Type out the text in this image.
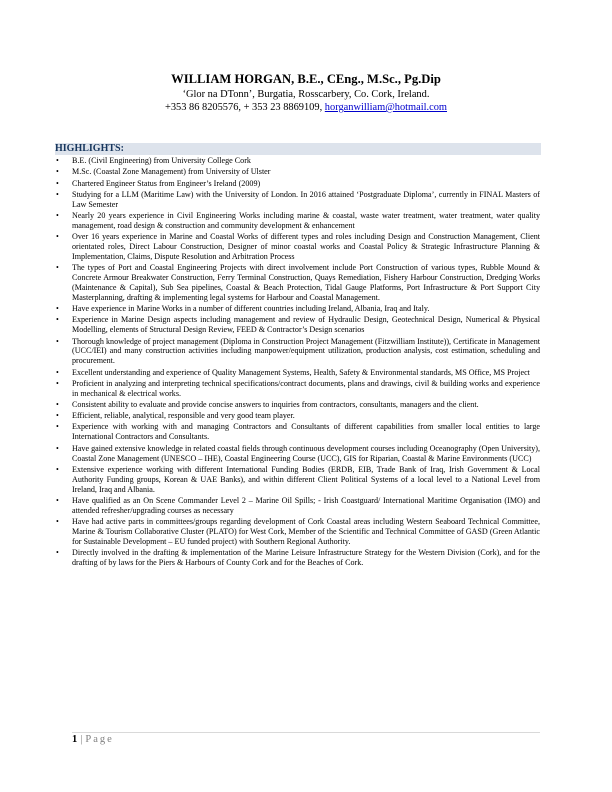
WILLIAM HORGAN, B.E., CEng., M.Sc., Pg.Dip
‘Glor na DTonn’, Burgatia, Rosscarbery, Co. Cork, Ireland.
+353 86 8205576, + 353 23 8869109, horganwilliam@hotmail.com
HIGHLIGHTS:
• B.E. (Civil Engineering) from University College Cork
• M.Sc. (Coastal Zone Management) from University of Ulster
• Chartered Engineer Status from Engineer’s Ireland (2009)
• Studying for a LLM (Maritime Law) with the University of London. In 2016 attained ‘Postgraduate Diploma’, currently in FINAL Masters of Law Semester
• Nearly 20 years experience in Civil Engineering Works including marine & coastal, waste water treatment, water treatment, water quality management, road design & construction and community development & enhancement
• Over 16 years experience in Marine and Coastal Works of different types and roles including Design and Construction Management, Client orientated roles, Direct Labour Construction, Designer of minor coastal works and Coastal Policy & Strategic Infrastructure Planning & Implementation, Claims, Dispute Resolution and Arbitration Process
• The types of Port and Coastal Engineering Projects with direct involvement include Port Construction of various types, Rubble Mound & Concrete Armour Breakwater Construction, Ferry Terminal Construction, Quays Remediation, Fishery Harbour Construction, Dredging Works (Maintenance & Capital), Sub Sea pipelines, Coastal & Beach Protection, Tidal Gauge Platforms, Port Infrastructure & Port Support City Masterplanning, drafting & implementing legal systems for Harbour and Coastal Management.
• Have experience in Marine Works in a number of different countries including Ireland, Albania, Iraq and Italy.
• Experience in Marine Design aspects including management and review of Hydraulic Design, Geotechnical Design, Numerical & Physical Modelling, elements of Structural Design Review, FEED & Contractor’s Design scenarios
• Thorough knowledge of project management (Diploma in Construction Project Management (Fitzwilliam Institute)), Certificate in Management (UCC/IEI) and many construction activities including manpower/equipment utilization, production analysis, cost estimation, scheduling and procurement.
• Excellent understanding and experience of Quality Management Systems, Health, Safety & Environmental standards, MS Office, MS Project
• Proficient in analyzing and interpreting technical specifications/contract documents, plans and drawings, civil & building works and experience in mechanical & electrical works.
• Consistent ability to evaluate and provide concise answers to inquiries from contractors, consultants, managers and the client.
• Efficient, reliable, analytical, responsible and very good team player.
• Experience with working with and managing Contractors and Consultants of different capabilities from smaller local entities to large International Contractors and Consultants.
• Have gained extensive knowledge in related coastal fields through continuous development courses including Oceanography (Open University), Coastal Zone Management (UNESCO – IHE), Coastal Engineering Course (UCC), GIS for Riparian, Coastal & Marine Environments (UCC)
• Extensive experience working with different International Funding Bodies (ERDB, EIB, Trade Bank of Iraq, Irish Government & Local Authority Funding groups, Korean & UAE Banks), and within different Client Political Systems of a local level to a National Level from Ireland, Iraq and Albania.
• Have qualified as an On Scene Commander Level 2 – Marine Oil Spills; - Irish Coastguard/ International Maritime Organisation (IMO) and attended refresher/upgrading courses as necessary
• Have had active parts in committees/groups regarding development of Cork Coastal areas including Western Seaboard Technical Committee, Marine & Tourism Collaborative Cluster (PLATO) for West Cork, Member of the Scientific and Technical Committee of GASD (Green Atlantic for Sustainable Development – EU funded project) with Southern Regional Authority.
• Directly involved in the drafting & implementation of the Marine Leisure Infrastructure Strategy for the Western Division (Cork), and for the drafting of by laws for the Piers & Harbours of County Cork and for the Beaches of Cork.
1 | Page
